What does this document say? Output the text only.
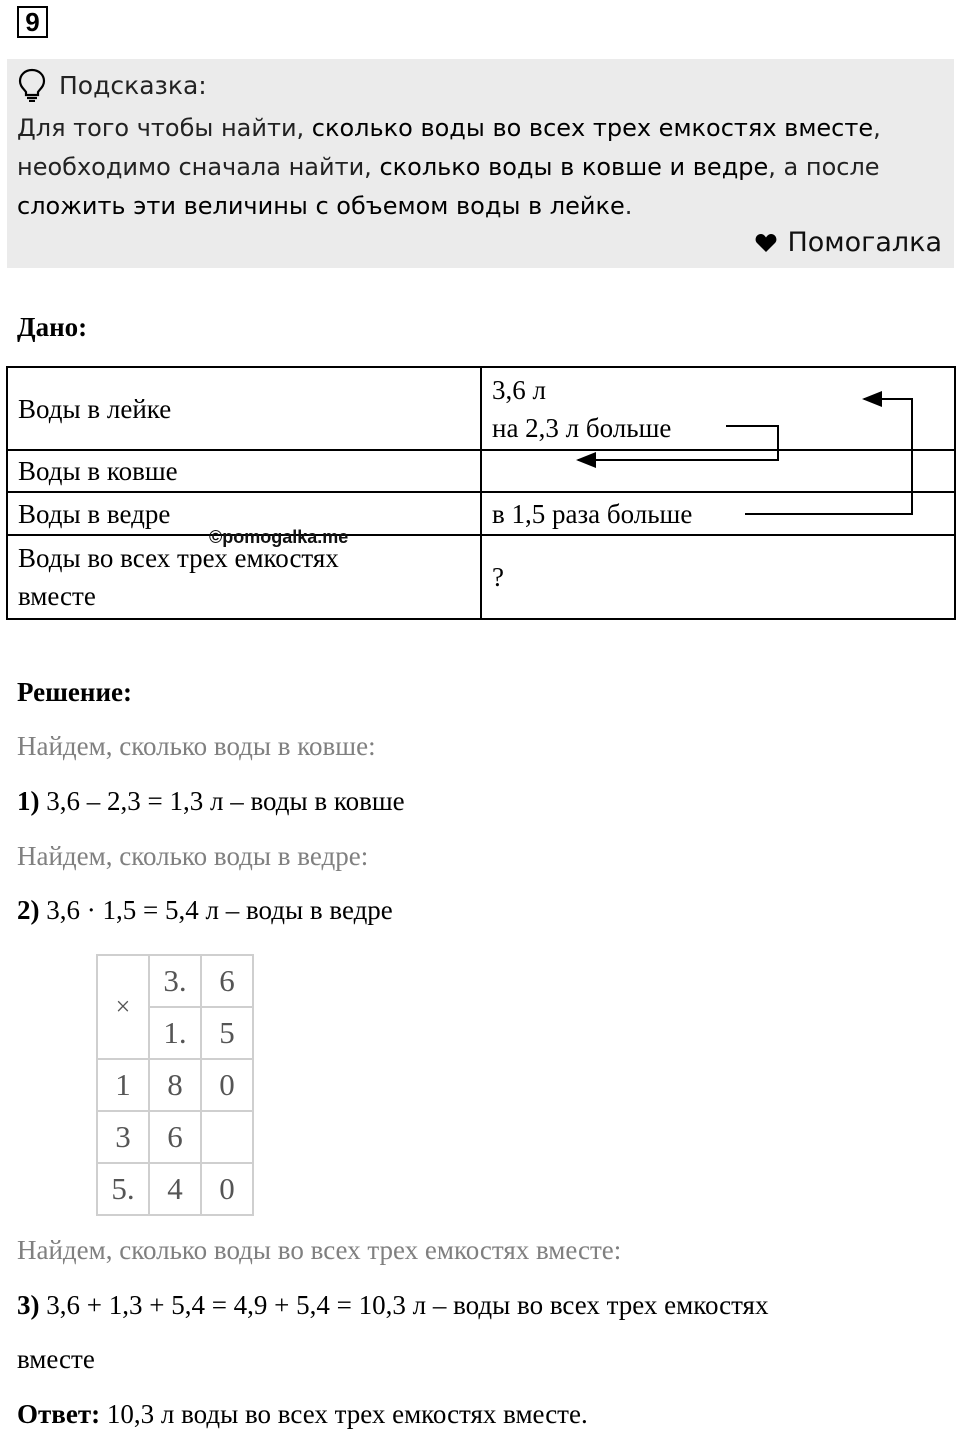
9
Подсказка:
Для того чтобы найти, сколько воды во всех трех емкостях вместе,
необходимо сначала найти, сколько воды в ковше и ведре, а после
сложить эти величины с объемом воды в лейке.
Помогалка
Дано:
Воды в лейке	3,6 л
на 2,3 л больше

Воды в ковше	
Воды в ведре	в 1,5 раза больше

Воды во всех трех емкостях
вместе	?
©pomogalka.me
Решение:
Найдем, сколько воды в ковше:
1) 3,6 – 2,3 = 1,3 л – воды в ковше
Найдем, сколько воды в ведре:
2) 3,6 · 1,5 = 5,4 л – воды в ведре
×	3.	6
	1.	5
1	8	0
3	6	
5.	4	0
Найдем, сколько воды во всех трех емкостях вместе:
3) 3,6 + 1,3 + 5,4 = 4,9 + 5,4 = 10,3 л – воды во всех трех емкостях
вместе
Ответ: 10,3 л воды во всех трех емкостях вместе.
